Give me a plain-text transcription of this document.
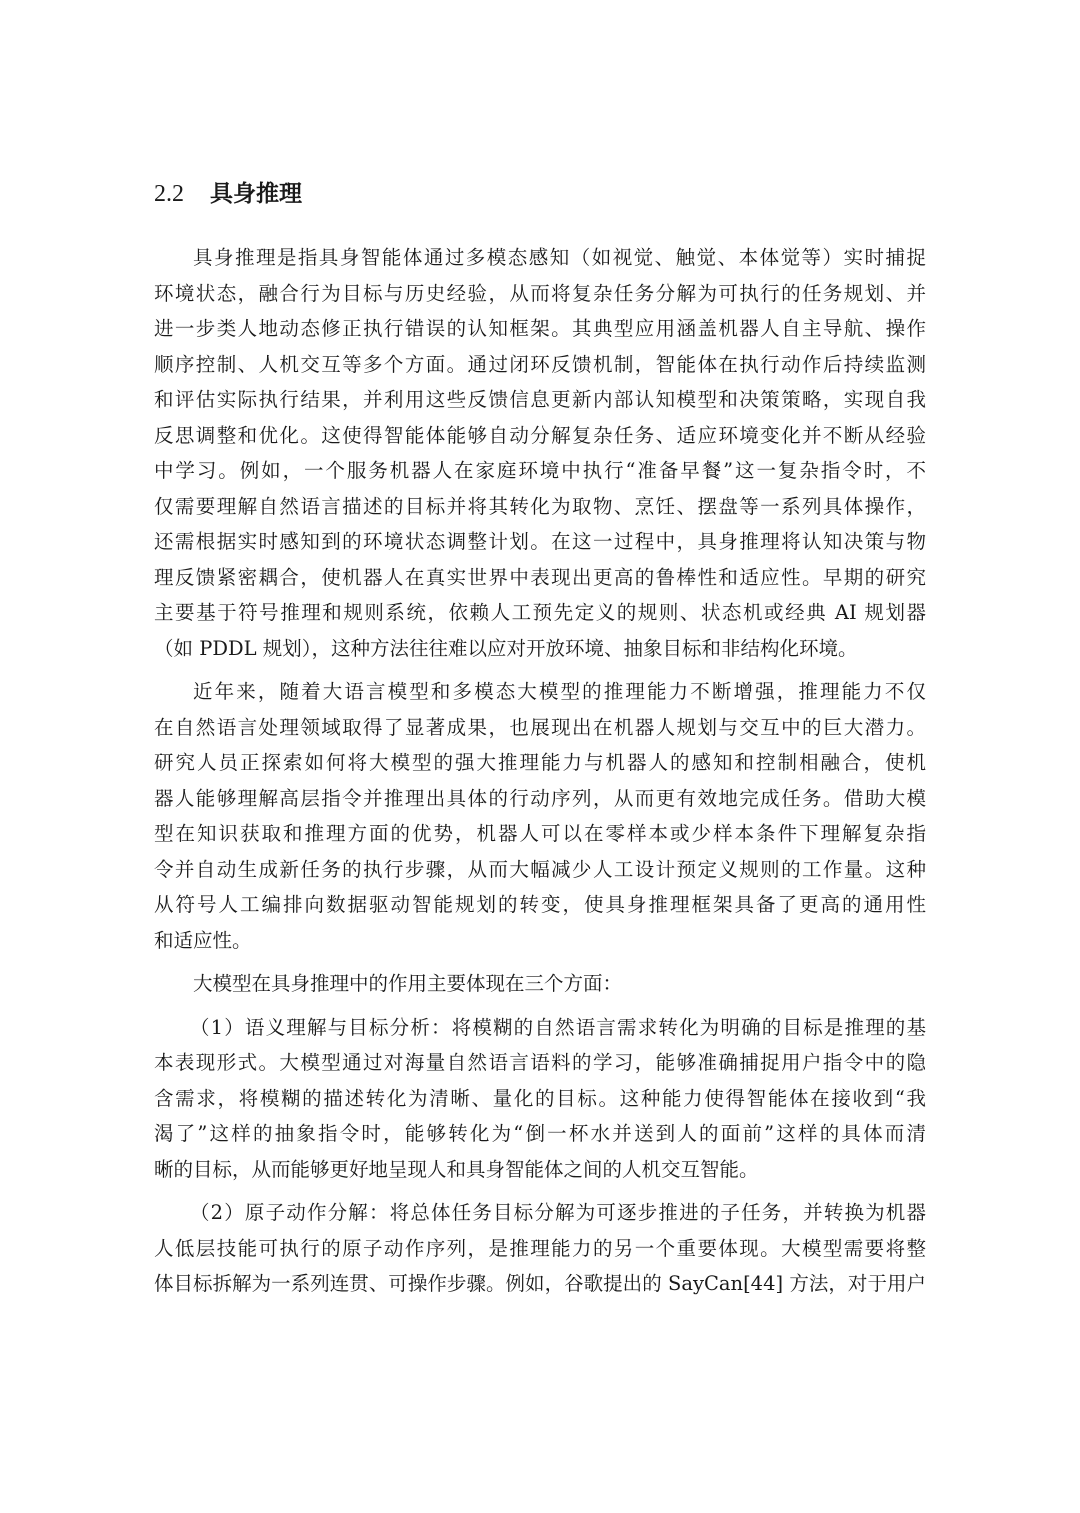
2.2 具身推理
具身推理是指具身智能体通过多模态感知（如视觉、触觉、本体觉等）实时捕捉
环境状态，融合行为目标与历史经验，从而将复杂任务分解为可执行的任务规划、并
进一步类人地动态修正执行错误的认知框架。其典型应用涵盖机器人自主导航、操作
顺序控制、人机交互等多个方面。通过闭环反馈机制，智能体在执行动作后持续监测
和评估实际执行结果，并利用这些反馈信息更新内部认知模型和决策策略，实现自我
反思调整和优化。这使得智能体能够自动分解复杂任务、适应环境变化并不断从经验
中学习。例如，一个服务机器人在家庭环境中执行“准备早餐”这一复杂指令时，不
仅需要理解自然语言描述的目标并将其转化为取物、烹饪、摆盘等一系列具体操作，
还需根据实时感知到的环境状态调整计划。在这一过程中，具身推理将认知决策与物
理反馈紧密耦合，使机器人在真实世界中表现出更高的鲁棒性和适应性。早期的研究
主要基于符号推理和规则系统，依赖人工预先定义的规则、状态机或经典 AI 规划器
（如 PDDL 规划），这种方法往往难以应对开放环境、抽象目标和非结构化环境。
近年来，随着大语言模型和多模态大模型的推理能力不断增强，推理能力不仅
在自然语言处理领域取得了显著成果，也展现出在机器人规划与交互中的巨大潜力。
研究人员正探索如何将大模型的强大推理能力与机器人的感知和控制相融合，使机
器人能够理解高层指令并推理出具体的行动序列，从而更有效地完成任务。借助大模
型在知识获取和推理方面的优势，机器人可以在零样本或少样本条件下理解复杂指
令并自动生成新任务的执行步骤，从而大幅减少人工设计预定义规则的工作量。这种
从符号人工编排向数据驱动智能规划的转变，使具身推理框架具备了更高的通用性
和适应性。
大模型在具身推理中的作用主要体现在三个方面：
（1）语义理解与目标分析：将模糊的自然语言需求转化为明确的目标是推理的基
本表现形式。大模型通过对海量自然语言语料的学习，能够准确捕捉用户指令中的隐
含需求，将模糊的描述转化为清晰、量化的目标。这种能力使得智能体在接收到“我
渴了”这样的抽象指令时，能够转化为“倒一杯水并送到人的面前”这样的具体而清
晰的目标，从而能够更好地呈现人和具身智能体之间的人机交互智能。
（2）原子动作分解：将总体任务目标分解为可逐步推进的子任务，并转换为机器
人低层技能可执行的原子动作序列，是推理能力的另一个重要体现。大模型需要将整
体目标拆解为一系列连贯、可操作步骤。例如，谷歌提出的 SayCan[44] 方法，对于用户
